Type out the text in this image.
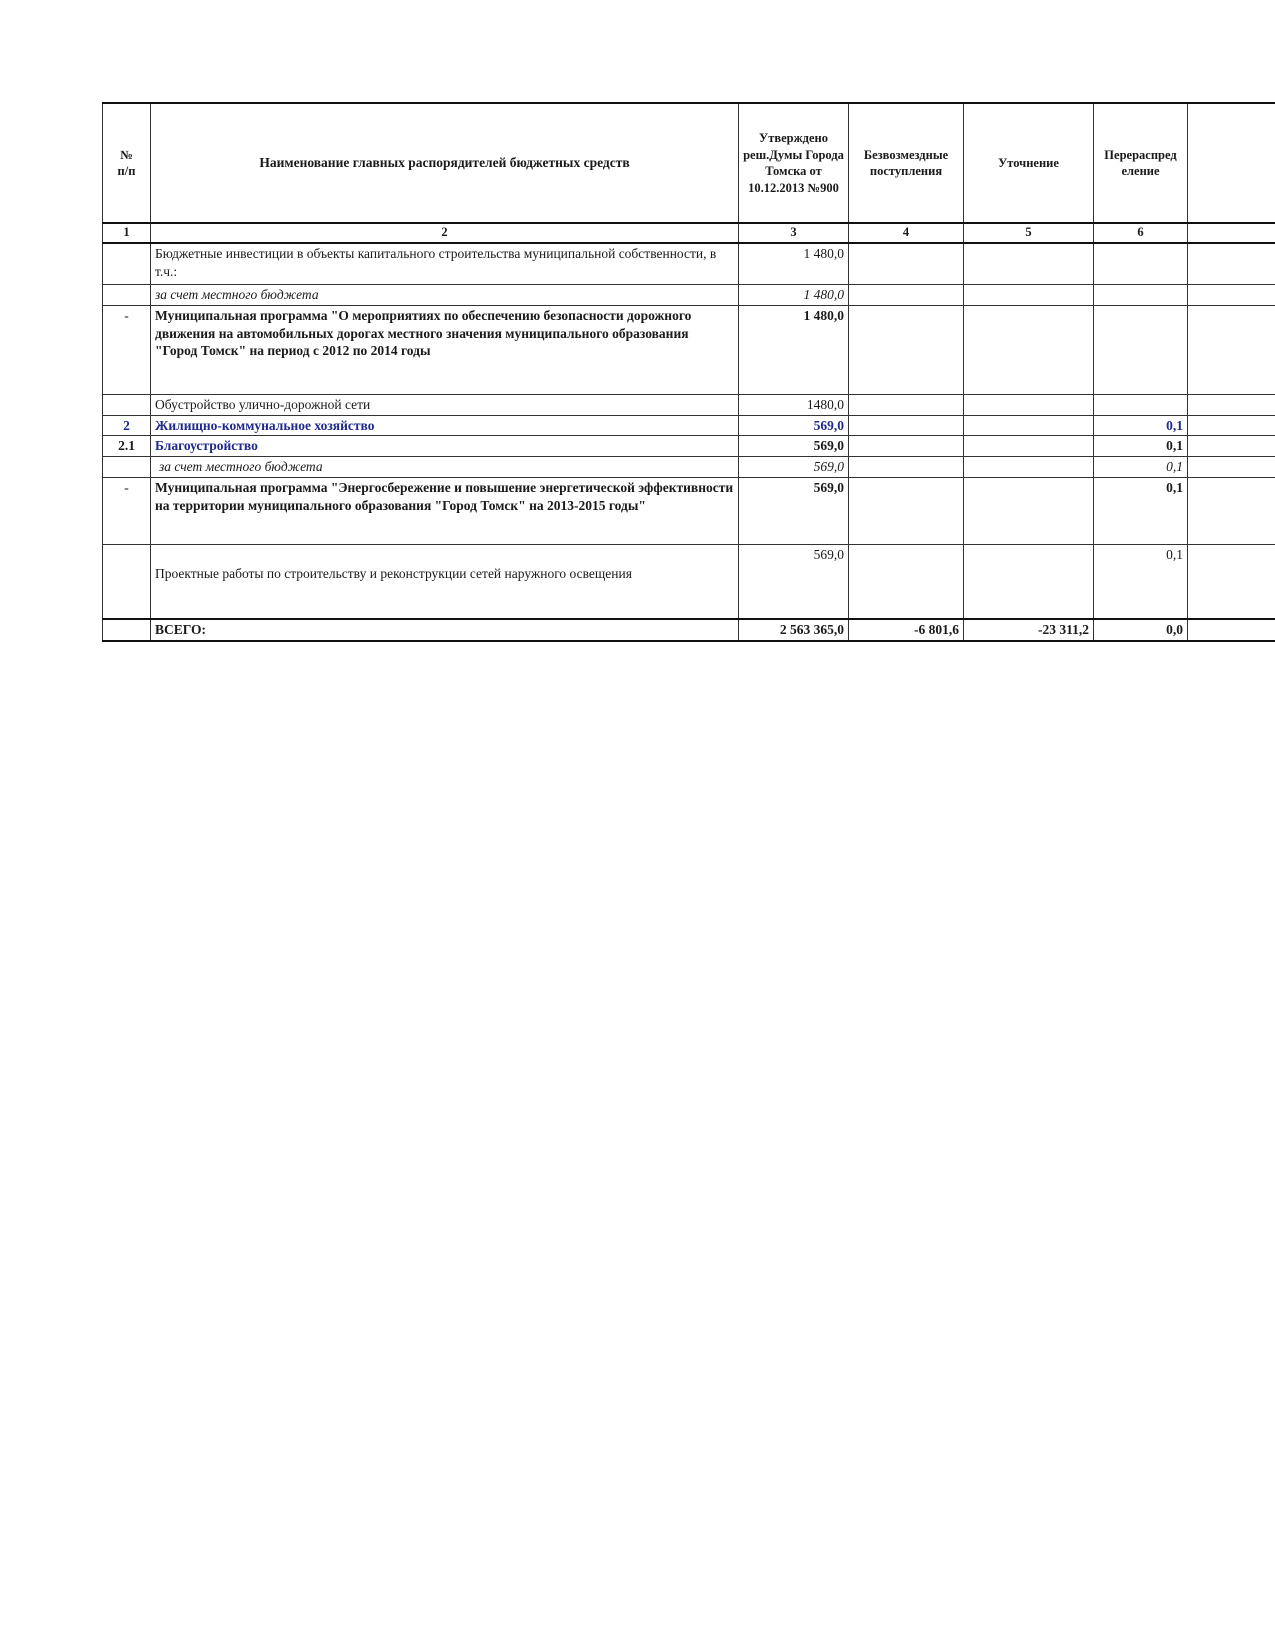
№
п/п	Наименование главных распорядителей бюджетных средств	Утверждено реш.Думы Города Томска от 10.12.2013 №900	Безвозмездные поступления	Уточнение	Перераспред еление	
1	2	3	4	5	6	
	Бюджетные инвестиции в объекты капитального строительства муниципальной собственности, в т.ч.:	1 480,0				
	за счет местного бюджета	1 480,0				
-	Муниципальная программа "О мероприятиях по обеспечению безопасности дорожного движения на автомобильных дорогах местного значения муниципального образования "Город Томск" на период с 2012 по 2014 годы	1 480,0				
	Обустройство улично-дорожной сети	1480,0				
2	Жилищно-коммунальное хозяйство	569,0			0,1	
2.1	Благоустройство	569,0			0,1	
	за счет местного бюджета	569,0			0,1	
-	Муниципальная программа "Энергосбережение и повышение энергетической эффективности на территории муниципального образования "Город Томск" на 2013-2015 годы"	569,0			0,1	
	Проектные работы по строительству и реконструкции сетей наружного освещения	569,0			0,1	
	ВСЕГО:	2 563 365,0	-6 801,6	-23 311,2	0,0	
